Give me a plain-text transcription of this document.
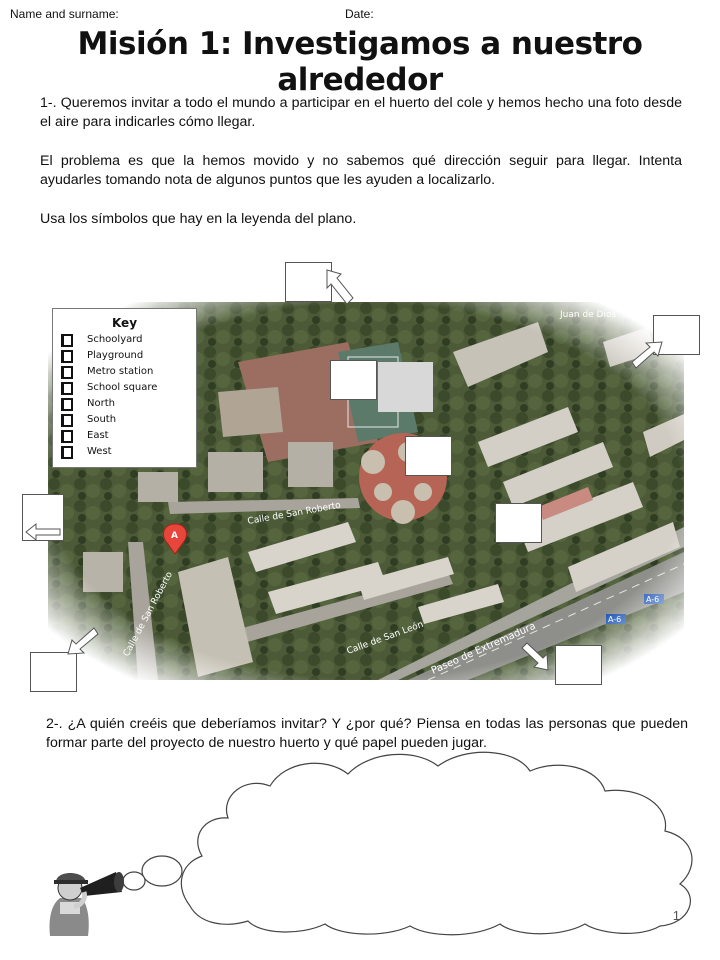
Name and surname:	Date:
Misión 1: Investigamos a nuestro alrededor
1-. Queremos invitar a todo el mundo a participar en el huerto del cole y hemos hecho una foto desde el aire para indicarles cómo llegar.
El problema es que la hemos movido y no sabemos qué dirección seguir para llegar. Intenta ayudarles tomando nota de algunos puntos que les ayuden a localizarlo.
Usa los símbolos que hay en la leyenda del plano.
Key
Schoolyard
Playground
Metro station
School square
North
South
East
West
2-. ¿A quién creéis que deberíamos invitar? Y ¿por qué? Piensa en todas las personas que pueden formar parte del proyecto de nuestro huerto y qué papel pueden jugar.
1
